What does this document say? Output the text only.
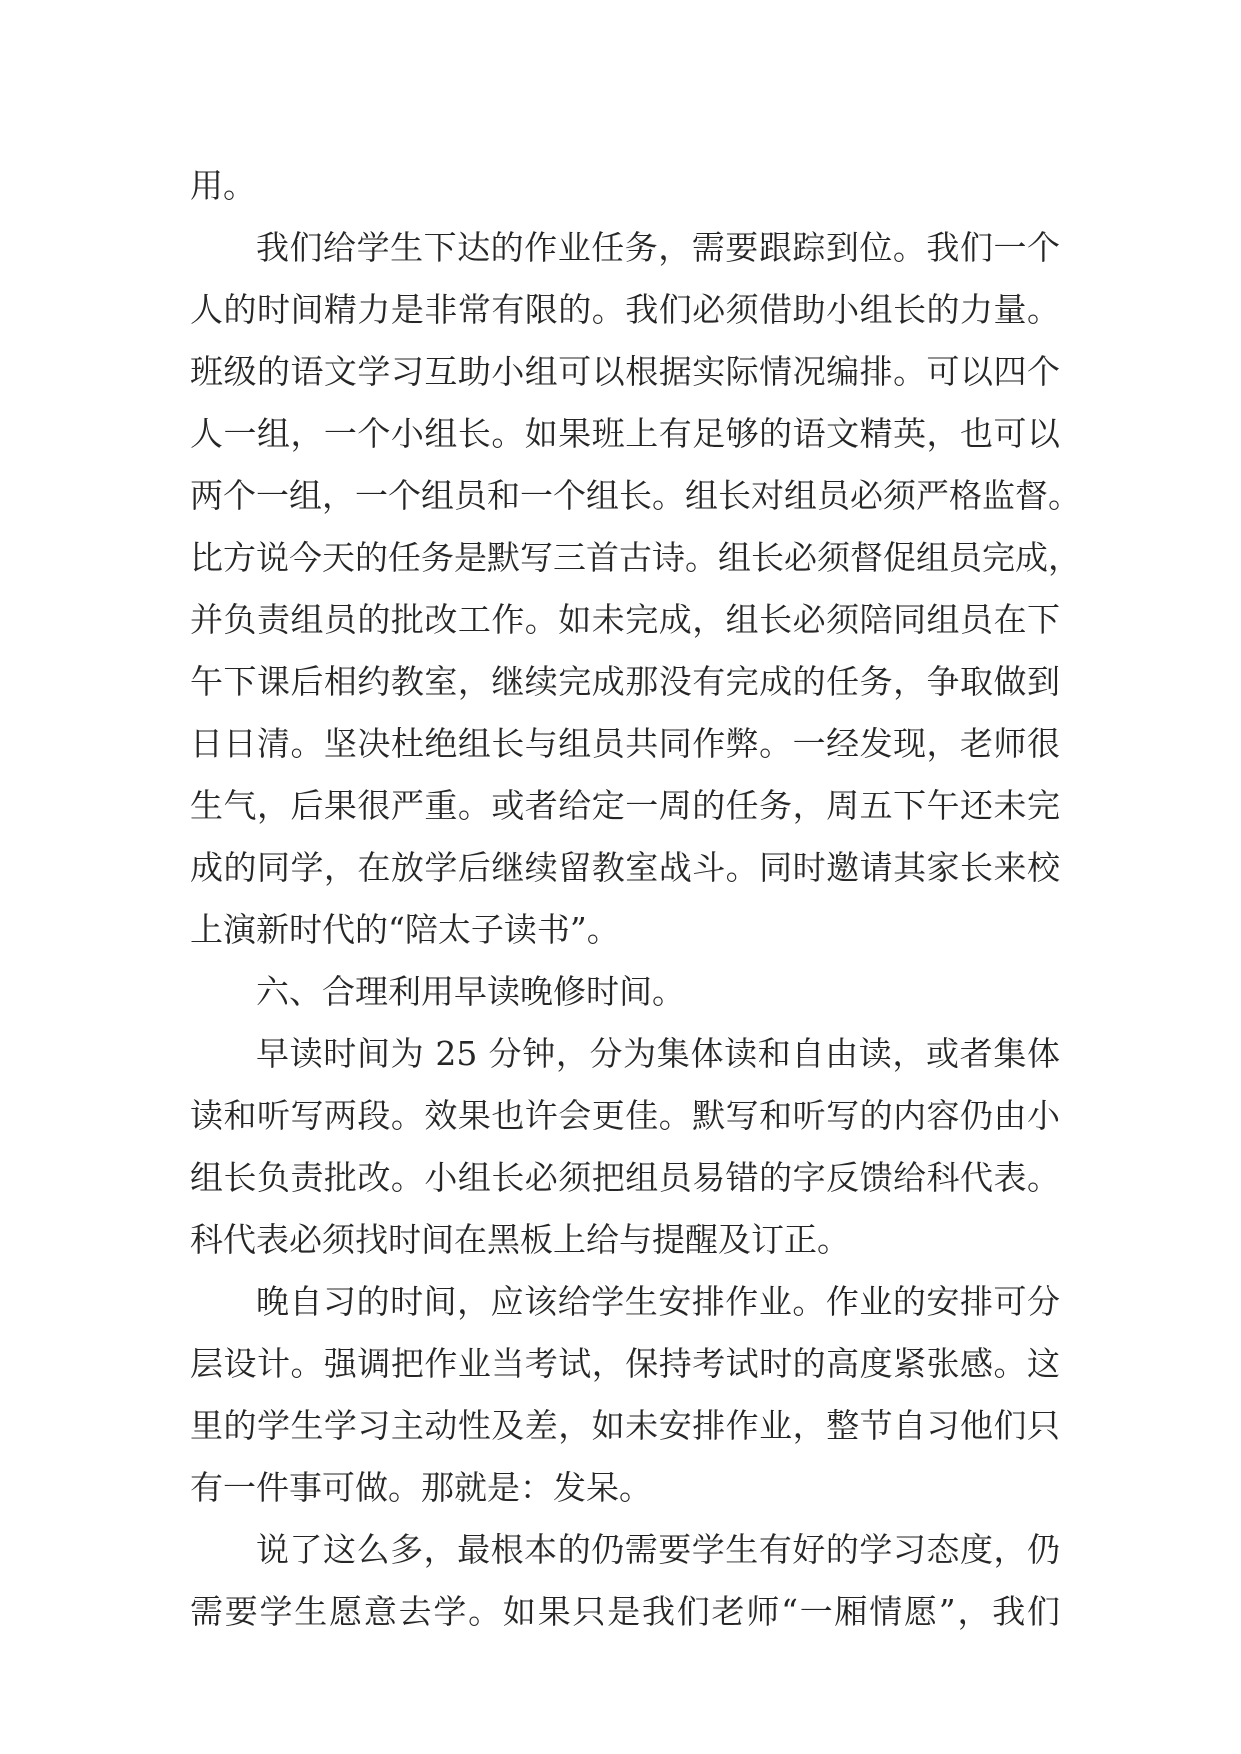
用。
我们给学生下达的作业任务，需要跟踪到位。我们一个
人的时间精力是非常有限的。我们必须借助小组长的力量。
班级的语文学习互助小组可以根据实际情况编排。可以四个
人一组，一个小组长。如果班上有足够的语文精英，也可以
两个一组，一个组员和一个组长。组长对组员必须严格监督。
比方说今天的任务是默写三首古诗。组长必须督促组员完成，
并负责组员的批改工作。如未完成，组长必须陪同组员在下
午下课后相约教室，继续完成那没有完成的任务，争取做到
日日清。坚决杜绝组长与组员共同作弊。一经发现，老师很
生气，后果很严重。或者给定一周的任务，周五下午还未完
成的同学，在放学后继续留教室战斗。同时邀请其家长来校
上演新时代的“陪太子读书”。
六、合理利用早读晚修时间。
早读时间为 25 分钟，分为集体读和自由读，或者集体
读和听写两段。效果也许会更佳。默写和听写的内容仍由小
组长负责批改。小组长必须把组员易错的字反馈给科代表。
科代表必须找时间在黑板上给与提醒及订正。
晚自习的时间，应该给学生安排作业。作业的安排可分
层设计。强调把作业当考试，保持考试时的高度紧张感。这
里的学生学习主动性及差，如未安排作业，整节自习他们只
有一件事可做。那就是：发呆。
说了这么多，最根本的仍需要学生有好的学习态度，仍
需要学生愿意去学。如果只是我们老师“一厢情愿”，我们
